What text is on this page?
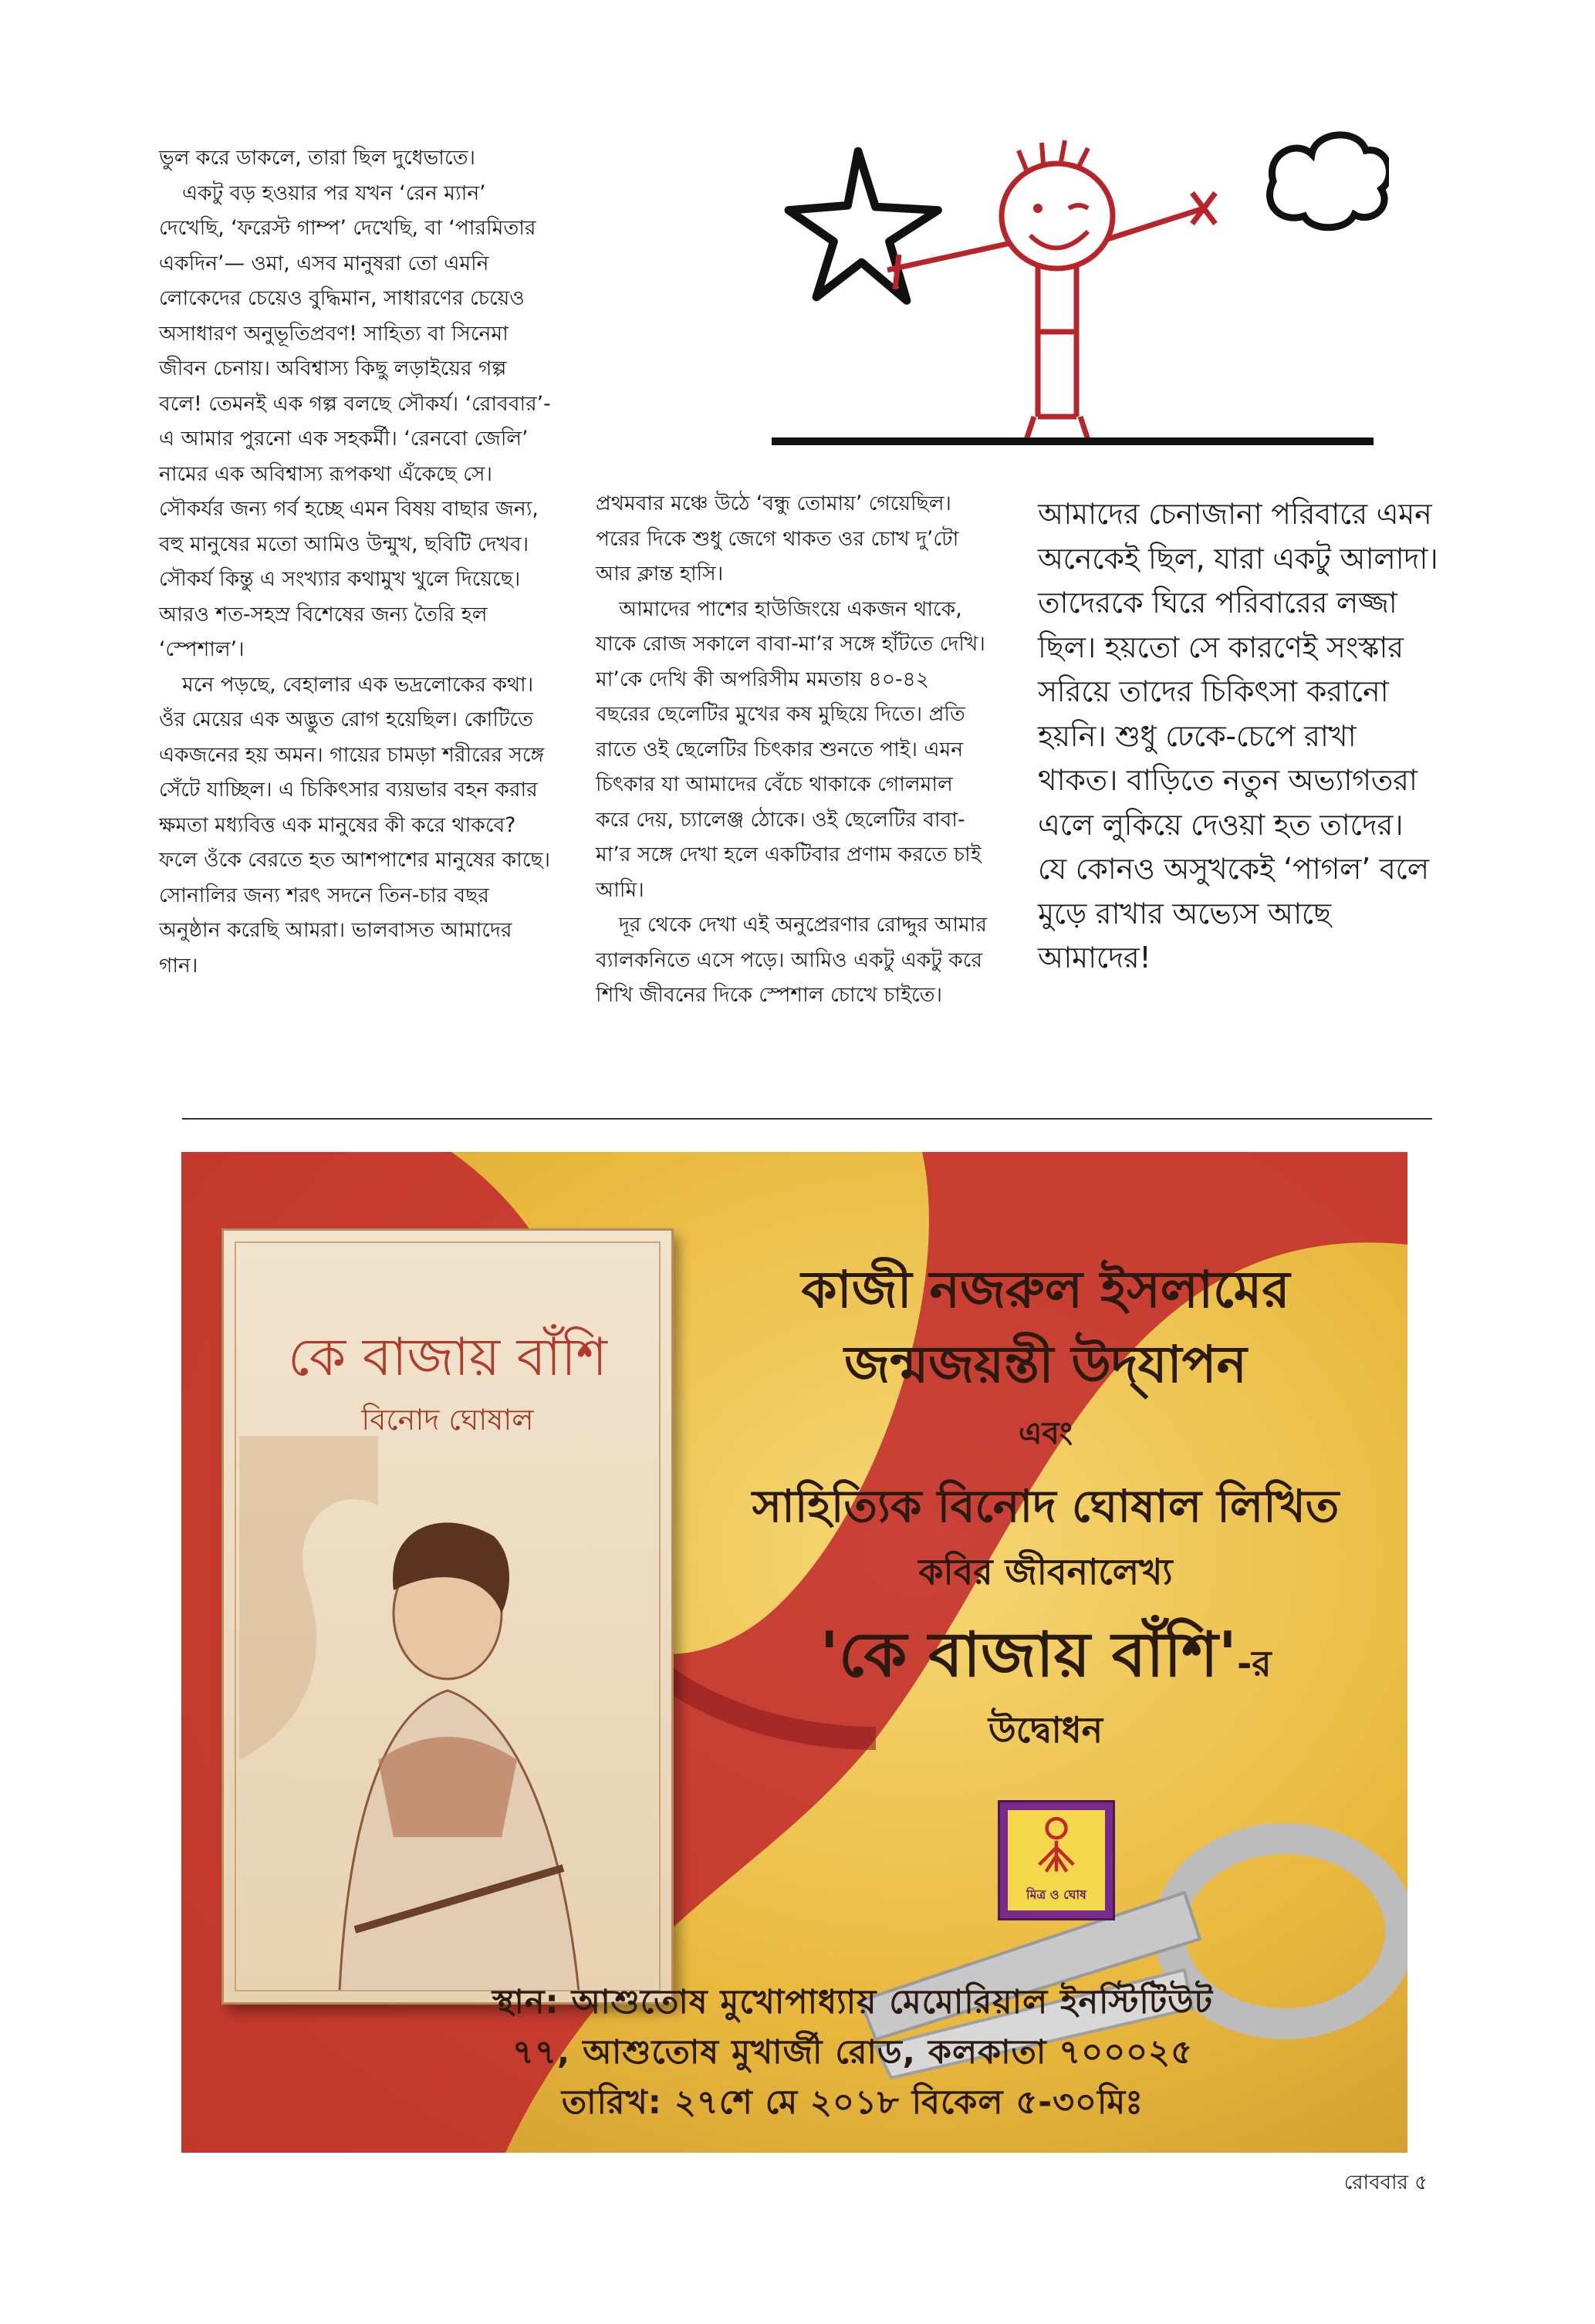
ভুল করে ডাকলে, তারা ছিল দুধেভাতে।

একটু বড় হওয়ার পর যখন ‘রেন ম্যান’ দেখেছি, ‘ফরেস্ট গাম্প’ দেখেছি, বা ‘পারমিতার একদিন’— ওমা, এসব মানুষরা তো এমনি লোকেদের চেয়েও বুদ্ধিমান, সাধারণের চেয়েও অসাধারণ অনুভূতিপ্রবণ! সাহিত্য বা সিনেমা জীবন চেনায়। অবিশ্বাস্য কিছু লড়াইয়ের গল্প বলে! তেমনই এক গল্প বলছে সৌকর্য। ‘রোববার’-এ আমার পুরনো এক সহকর্মী। ‘রেনবো জেলি’ নামের এক অবিশ্বাস্য রূপকথা এঁকেছে সে। সৌকর্যর জন্য গর্ব হচ্ছে এমন বিষয় বাছার জন্য, বহু মানুষের মতো আমিও উন্মুখ, ছবিটি দেখব। সৌকর্য কিন্তু এ সংখ্যার কথামুখ খুলে দিয়েছে। আরও শত-সহস্র বিশেষের জন্য তৈরি হল ‘স্পেশাল’।

মনে পড়ছে, বেহালার এক ভদ্রলোকের কথা। ওঁর মেয়ের এক অদ্ভুত রোগ হয়েছিল। কোটিতে একজনের হয় অমন। গায়ের চামড়া শরীরের সঙ্গে সেঁটে যাচ্ছিল। এ চিকিৎসার ব্যয়ভার বহন করার ক্ষমতা মধ্যবিত্ত এক মানুষের কী করে থাকবে? ফলে ওঁকে বেরতে হত আশপাশের মানুষের কাছে। সোনালির জন্য শরৎ সদনে তিন-চার বছর অনুষ্ঠান করেছি আমরা। ভালবাসত আমাদের গান।

প্রথমবার মঞ্চে উঠে ‘বন্ধু তোমায়’ গেয়েছিল। পরের দিকে শুধু জেগে থাকত ওর চোখ দু’টো আর ক্লান্ত হাসি।

আমাদের পাশের হাউজিংয়ে একজন থাকে, যাকে রোজ সকালে বাবা-মা’র সঙ্গে হাঁটতে দেখি। মা’কে দেখি কী অপরিসীম মমতায় ৪০-৪২ বছরের ছেলেটির মুখের কষ মুছিয়ে দিতে। প্রতি রাতে ওই ছেলেটির চিৎকার শুনতে পাই। এমন চিৎকার যা আমাদের বেঁচে থাকাকে গোলমাল করে দেয়, চ্যালেঞ্জ ঠোকে। ওই ছেলেটির বাবা-মা’র সঙ্গে দেখা হলে একটিবার প্রণাম করতে চাই আমি।

দূর থেকে দেখা এই অনুপ্রেরণার রোদ্দুর আমার ব্যালকনিতে এসে পড়ে। আমিও একটু একটু করে শিখি জীবনের দিকে স্পেশাল চোখে চাইতে।

আমাদের চেনাজানা পরিবারে এমন অনেকেই ছিল, যারা একটু আলাদা। তাদেরকে ঘিরে পরিবারের লজ্জা ছিল। হয়তো সে কারণেই সংস্কার সরিয়ে তাদের চিকিৎসা করানো হয়নি। শুধু ঢেকে-চেপে রাখা থাকত। বাড়িতে নতুন অভ্যাগতরা এলে লুকিয়ে দেওয়া হত তাদের। যে কোনও অসুখকেই ‘পাগল’ বলে মুড়ে রাখার অভ্যেস আছে আমাদের!

কে বাজায় বাঁশি
বিনোদ ঘোষাল
কাজী নজরুল ইসলামের
জন্মজয়ন্তী উদ্‌যাপন
এবং
সাহিত্যিক বিনোদ ঘোষাল লিখিত
কবির জীবনালেখ্য
'কে বাজায় বাঁশি'-র
উদ্বোধন
মিত্র ও ঘোষ
স্থান: আশুতোষ মুখোপাধ্যায় মেমোরিয়াল ইনস্টিটিউট
৭৭, আশুতোষ মুখার্জী রোড, কলকাতা ৭০০০২৫
তারিখ: ২৭শে মে ২০১৮ বিকেল ৫-৩০মিঃ
রোববার ৫
